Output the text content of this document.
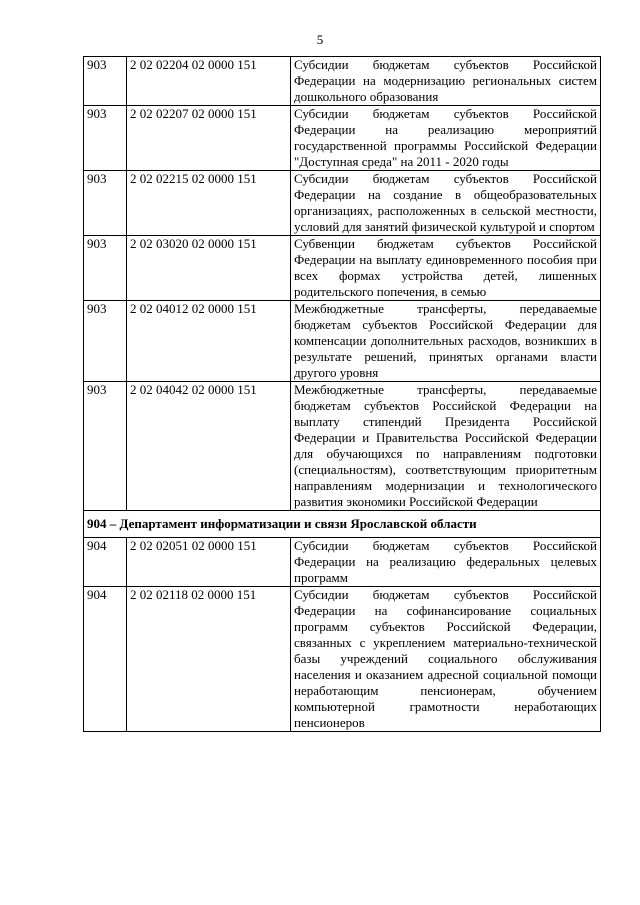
5
903	2 02 02204 02 0000 151	Субсидии бюджетам субъектов Российской Федерации на модернизацию региональных систем дошкольного образования
903	2 02 02207 02 0000 151	Субсидии бюджетам субъектов Российской Федерации на реализацию мероприятий государственной программы Российской Федерации "Доступная среда" на 2011 - 2020 годы
903	2 02 02215 02 0000 151	Субсидии бюджетам субъектов Российской Федерации на создание в общеобразовательных организациях, расположенных в сельской местности, условий для занятий физической культурой и спортом
903	2 02 03020 02 0000 151	Субвенции бюджетам субъектов Российской Федерации на выплату единовременного пособия при всех формах устройства детей, лишенных родительского попечения, в семью
903	2 02 04012 02 0000 151	Межбюджетные трансферты, передаваемые бюджетам субъектов Российской Федерации для компенсации дополнительных расходов, возникших в результате решений, принятых органами власти другого уровня
903	2 02 04042 02 0000 151	Межбюджетные трансферты, передаваемые бюджетам субъектов Российской Федерации на выплату стипендий Президента Российской Федерации и Правительства Российской Федерации для обучающихся по направлениям подготовки (специальностям), соответствующим приоритетным направлениям модернизации и технологического развития экономики Российской Федерации
904 – Департамент информатизации и связи Ярославской области		
904	2 02 02051 02 0000 151	Субсидии бюджетам субъектов Российской Федерации на реализацию федеральных целевых программ
904	2 02 02118 02 0000 151	Субсидии бюджетам субъектов Российской Федерации на софинансирование социальных программ субъектов Российской Федерации, связанных с укреплением материально-технической базы учреждений социального обслуживания населения и оказанием адресной социальной помощи неработающим пенсионерам, обучением компьютерной грамотности неработающих пенсионеров
